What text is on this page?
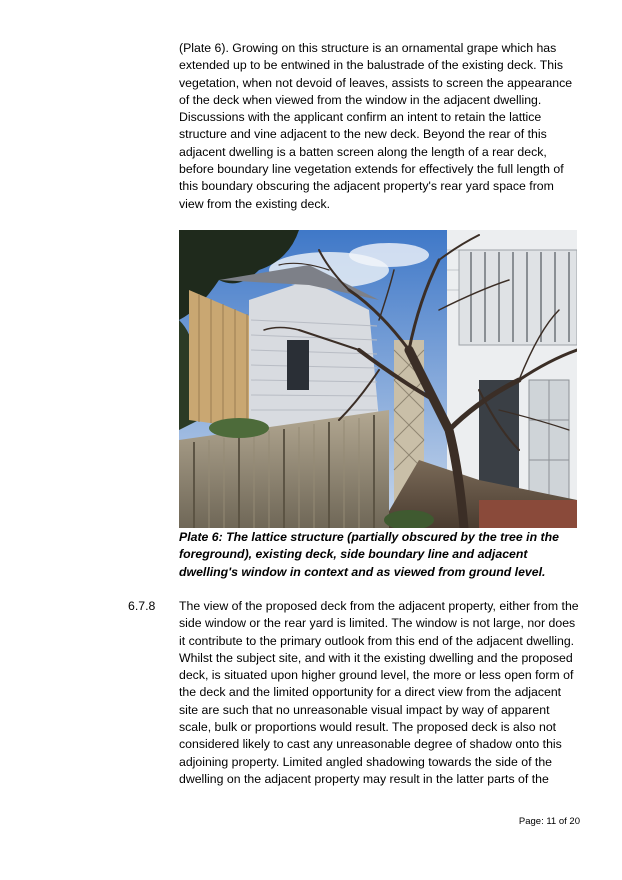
(Plate 6). Growing on this structure is an ornamental grape which has extended up to be entwined in the balustrade of the existing deck. This vegetation, when not devoid of leaves, assists to screen the appearance of the deck when viewed from the window in the adjacent dwelling. Discussions with the applicant confirm an intent to retain the lattice structure and vine adjacent to the new deck. Beyond the rear of this adjacent dwelling is a batten screen along the length of a rear deck, before boundary line vegetation extends for effectively the full length of this boundary obscuring the adjacent property's rear yard space from view from the existing deck.

Plate 6: The lattice structure (partially obscured by the tree in the foreground), existing deck, side boundary line and adjacent dwelling's window in context and as viewed from ground level.

6.7.8 The view of the proposed deck from the adjacent property, either from the side window or the rear yard is limited. The window is not large, nor does it contribute to the primary outlook from this end of the adjacent dwelling. Whilst the subject site, and with it the existing dwelling and the proposed deck, is situated upon higher ground level, the more or less open form of the deck and the limited opportunity for a direct view from the adjacent site are such that no unreasonable visual impact by way of apparent scale, bulk or proportions would result. The proposed deck is also not considered likely to cast any unreasonable degree of shadow onto this adjoining property. Limited angled shadowing towards the side of the dwelling on the adjacent property may result in the latter parts of the

Page: 11 of 20
